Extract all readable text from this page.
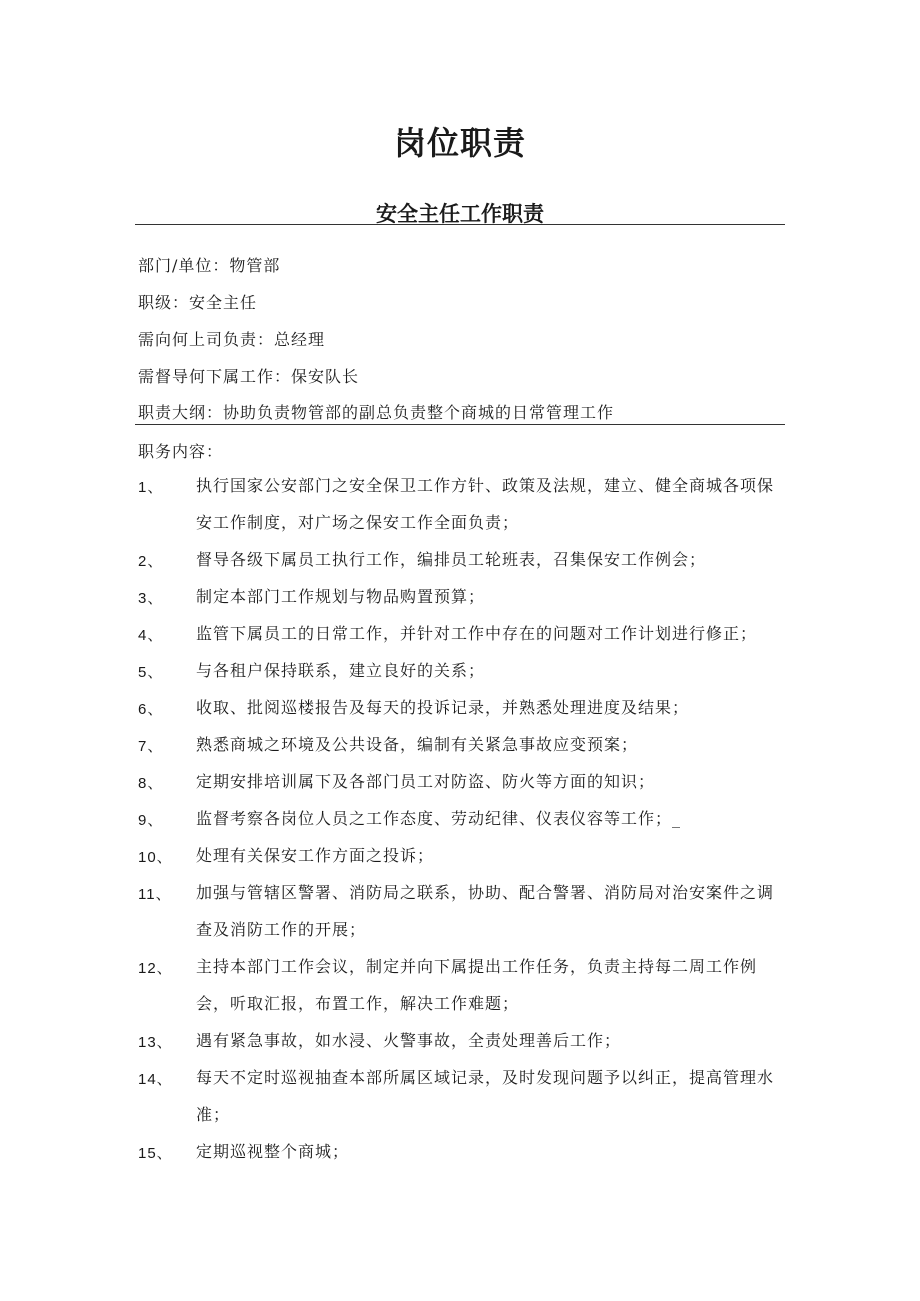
岗位职责
安全主任工作职责
部门/单位：物管部
职级：安全主任
需向何上司负责：总经理
需督导何下属工作：保安队长
职责大纲：协助负责物管部的副总负责整个商城的日常管理工作
职务内容：
1、 执行国家公安部门之安全保卫工作方针、政策及法规，建立、健全商城各项保
安工作制度，对广场之保安工作全面负责；
2、 督导各级下属员工执行工作，编排员工轮班表，召集保安工作例会；
3、 制定本部门工作规划与物品购置预算；
4、 监管下属员工的日常工作，并针对工作中存在的问题对工作计划进行修正；
5、 与各租户保持联系，建立良好的关系；
6、 收取、批阅巡楼报告及每天的投诉记录，并熟悉处理进度及结果；
7、 熟悉商城之环境及公共设备，编制有关紧急事故应变预案；
8、 定期安排培训属下及各部门员工对防盗、防火等方面的知识；
9、 监督考察各岗位人员之工作态度、劳动纪律、仪表仪容等工作；_
10、 处理有关保安工作方面之投诉；
11、 加强与管辖区警署、消防局之联系，协助、配合警署、消防局对治安案件之调
查及消防工作的开展；
12、 主持本部门工作会议，制定并向下属提出工作任务，负责主持每二周工作例
会，听取汇报，布置工作，解决工作难题；
13、 遇有紧急事故，如水浸、火警事故，全责处理善后工作；
14、 每天不定时巡视抽查本部所属区域记录，及时发现问题予以纠正，提高管理水
准；
15、 定期巡视整个商城；
